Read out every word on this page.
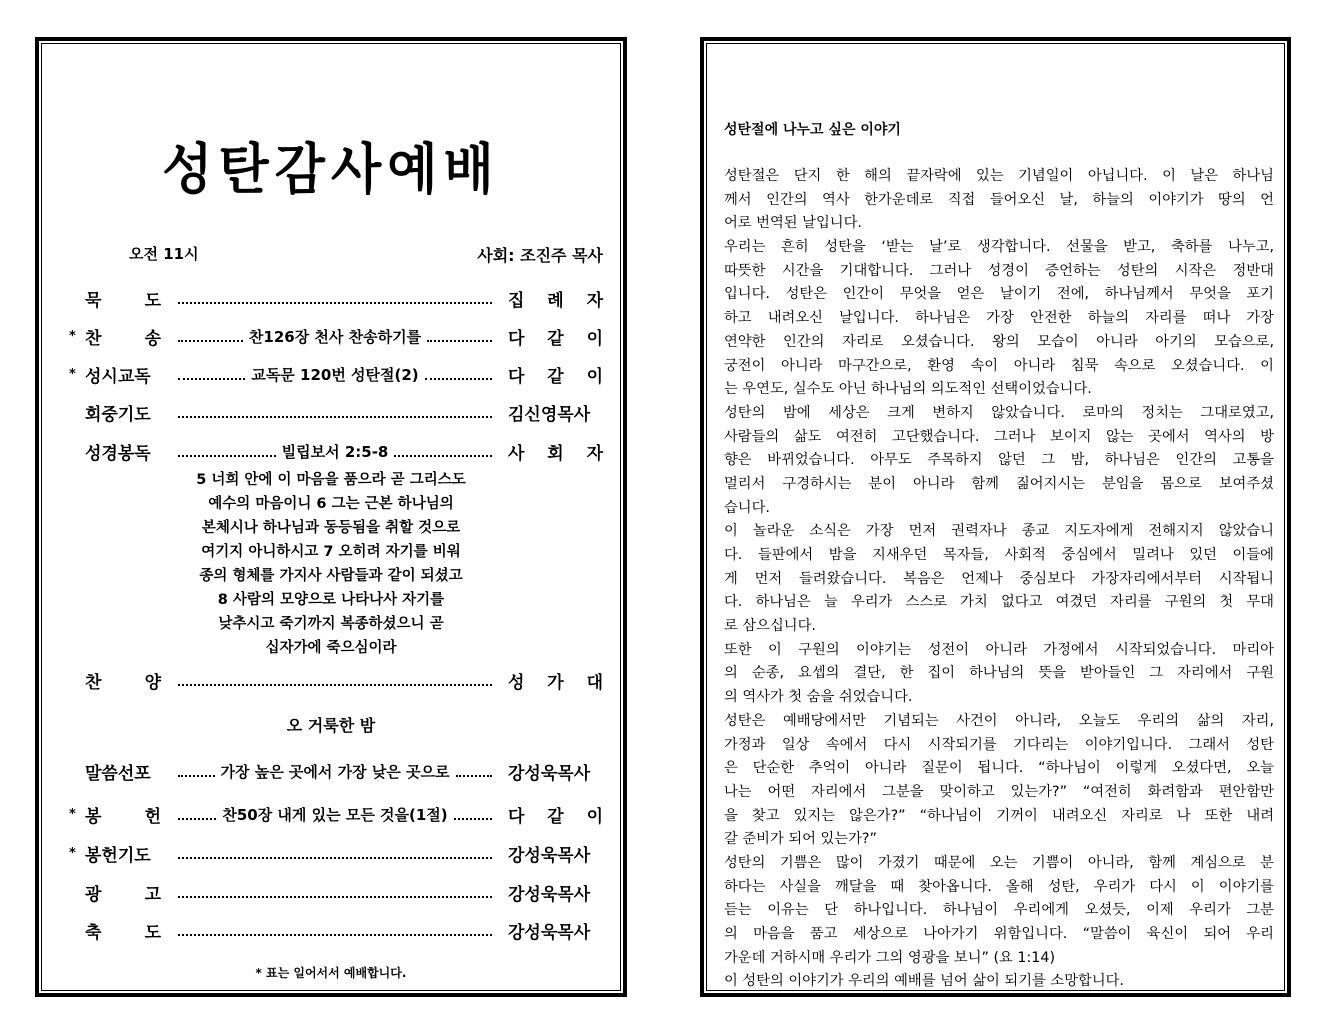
성탄감사예배
오전 11시	사회: 조진주 목사
묵 도	집 례 자
* 찬 송	찬126장 천사 찬송하기를	다 같 이
* 성시교독	교독문 120번 성탄절(2)	다 같 이
회중기도	김신영목사
성경봉독	빌립보서 2:5-8	사 회 자
찬 양	성 가 대
말씀선포	가장 높은 곳에서 가장 낮은 곳으로	강성욱목사
* 봉 헌	찬50장 내게 있는 모든 것을(1절)	다 같 이
* 봉헌기도	강성욱목사
광 고	강성욱목사
축 도	강성욱목사
5 너희 안에 이 마음을 품으라 곧 그리스도
예수의 마음이니 6 그는 근본 하나님의
본체시나 하나님과 동등됨을 취할 것으로
여기지 아니하시고 7 오히려 자기를 비워
종의 형체를 가지사 사람들과 같이 되셨고
8 사람의 모양으로 나타나사 자기를
낮추시고 죽기까지 복종하셨으니 곧
십자가에 죽으심이라
오 거룩한 밤
* 표는 일어서서 예배합니다.
성탄절에 나누고 싶은 이야기
성탄절은 단지 한 해의 끝자락에 있는 기념일이 아닙니다. 이 날은 하나님
께서 인간의 역사 한가운데로 직접 들어오신 날, 하늘의 이야기가 땅의 언
어로 번역된 날입니다.
우리는 흔히 성탄을 ‘받는 날’로 생각합니다. 선물을 받고, 축하를 나누고,
따뜻한 시간을 기대합니다. 그러나 성경이 증언하는 성탄의 시작은 정반대
입니다. 성탄은 인간이 무엇을 얻은 날이기 전에, 하나님께서 무엇을 포기
하고 내려오신 날입니다. 하나님은 가장 안전한 하늘의 자리를 떠나 가장
연약한 인간의 자리로 오셨습니다. 왕의 모습이 아니라 아기의 모습으로,
궁전이 아니라 마구간으로, 환영 속이 아니라 침묵 속으로 오셨습니다. 이
는 우연도, 실수도 아닌 하나님의 의도적인 선택이었습니다.
성탄의 밤에 세상은 크게 변하지 않았습니다. 로마의 정치는 그대로였고,
사람들의 삶도 여전히 고단했습니다. 그러나 보이지 않는 곳에서 역사의 방
향은 바뀌었습니다. 아무도 주목하지 않던 그 밤, 하나님은 인간의 고통을
멀리서 구경하시는 분이 아니라 함께 짊어지시는 분임을 몸으로 보여주셨
습니다.
이 놀라운 소식은 가장 먼저 권력자나 종교 지도자에게 전해지지 않았습니
다. 들판에서 밤을 지새우던 목자들, 사회적 중심에서 밀려나 있던 이들에
게 먼저 들려왔습니다. 복음은 언제나 중심보다 가장자리에서부터 시작됩니
다. 하나님은 늘 우리가 스스로 가치 없다고 여겼던 자리를 구원의 첫 무대
로 삼으십니다.
또한 이 구원의 이야기는 성전이 아니라 가정에서 시작되었습니다. 마리아
의 순종, 요셉의 결단, 한 집이 하나님의 뜻을 받아들인 그 자리에서 구원
의 역사가 첫 숨을 쉬었습니다.
성탄은 예배당에서만 기념되는 사건이 아니라, 오늘도 우리의 삶의 자리,
가정과 일상 속에서 다시 시작되기를 기다리는 이야기입니다. 그래서 성탄
은 단순한 추억이 아니라 질문이 됩니다. “하나님이 이렇게 오셨다면, 오늘
나는 어떤 자리에서 그분을 맞이하고 있는가?” “여전히 화려함과 편안함만
을 찾고 있지는 않은가?” “하나님이 기꺼이 내려오신 자리로 나 또한 내려
갈 준비가 되어 있는가?”
성탄의 기쁨은 많이 가졌기 때문에 오는 기쁨이 아니라, 함께 계심으로 분
하다는 사실을 깨달을 때 찾아옵니다. 올해 성탄, 우리가 다시 이 이야기를
듣는 이유는 단 하나입니다. 하나님이 우리에게 오셨듯, 이제 우리가 그분
의 마음을 품고 세상으로 나아가기 위함입니다. “말씀이 육신이 되어 우리
가운데 거하시매 우리가 그의 영광을 보니” (요 1:14)
이 성탄의 이야기가 우리의 예배를 넘어 삶이 되기를 소망합니다.
